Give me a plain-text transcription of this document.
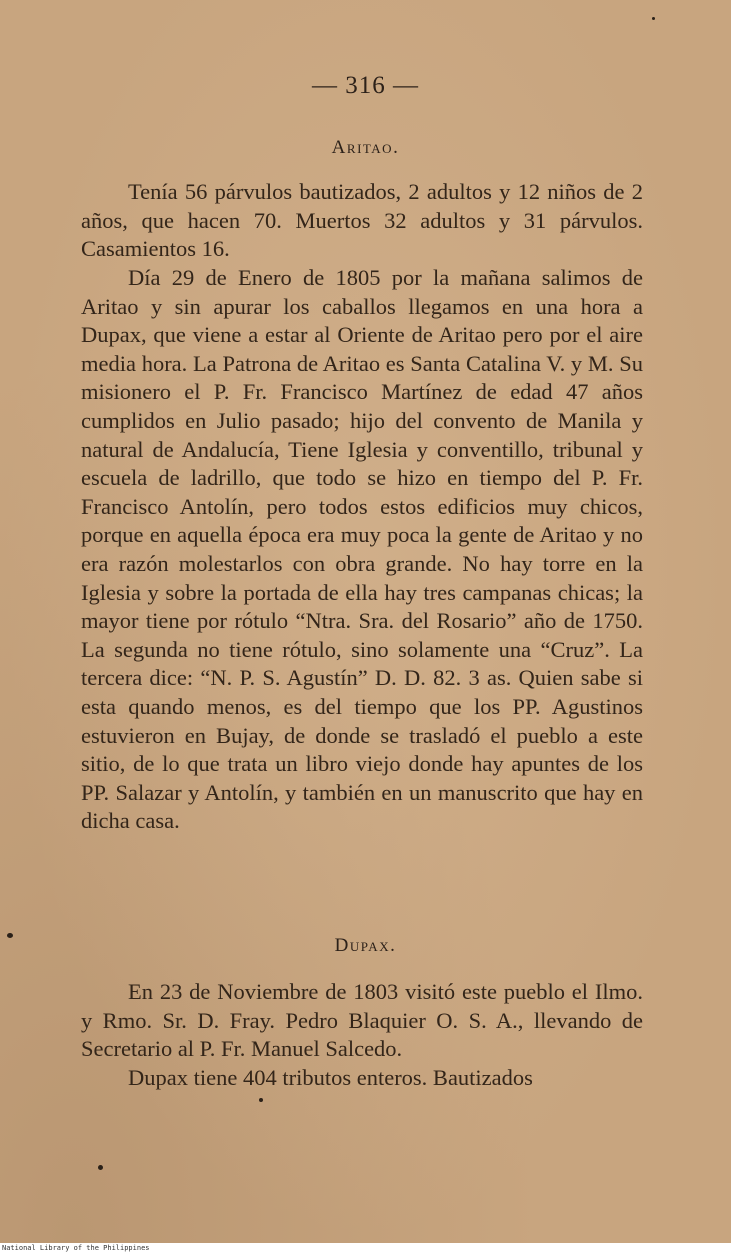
— 316 —
Aritao.

Tenía 56 párvulos bautizados, 2 adultos y 12 niños de 2 años, que hacen 70. Muertos 32 adultos y 31 párvulos. Casamientos 16.

Día 29 de Enero de 1805 por la mañana salimos de Aritao y sin apurar los caballos llegamos en una hora a Dupax, que viene a estar al Oriente de Aritao pero por el aire media hora. La Patrona de Aritao es Santa Catalina V. y M. Su misionero el P. Fr. Francisco Martínez de edad 47 años cumplidos en Julio pasado; hijo del convento de Manila y natural de Andalucía, Tiene Iglesia y conventillo, tribunal y escuela de ladrillo, que todo se hizo en tiempo del P. Fr. Francisco Antolín, pero todos estos edificios muy chicos, porque en aquella época era muy poca la gente de Aritao y no era razón molestarlos con obra grande. No hay torre en la Iglesia y sobre la portada de ella hay tres campanas chicas; la mayor tiene por rótulo “Ntra. Sra. del Rosario” año de 1750. La segunda no tiene rótulo, sino solamente una “Cruz”. La tercera dice: “N. P. S. Agustín” D. D. 82. 3 as. Quien sabe si esta quando menos, es del tiempo que los PP. Agustinos estuvieron en Bujay, de donde se trasladó el pueblo a este sitio, de lo que trata un libro viejo donde hay apuntes de los PP. Salazar y Antolín, y también en un manuscrito que hay en dicha casa.

Dupax.

En 23 de Noviembre de 1803 visitó este pueblo el Ilmo. y Rmo. Sr. D. Fray. Pedro Blaquier O. S. A., llevando de Secretario al P. Fr. Manuel Salcedo.

Dupax tiene 404 tributos enteros. Bautizados

National Library of the Philippines
